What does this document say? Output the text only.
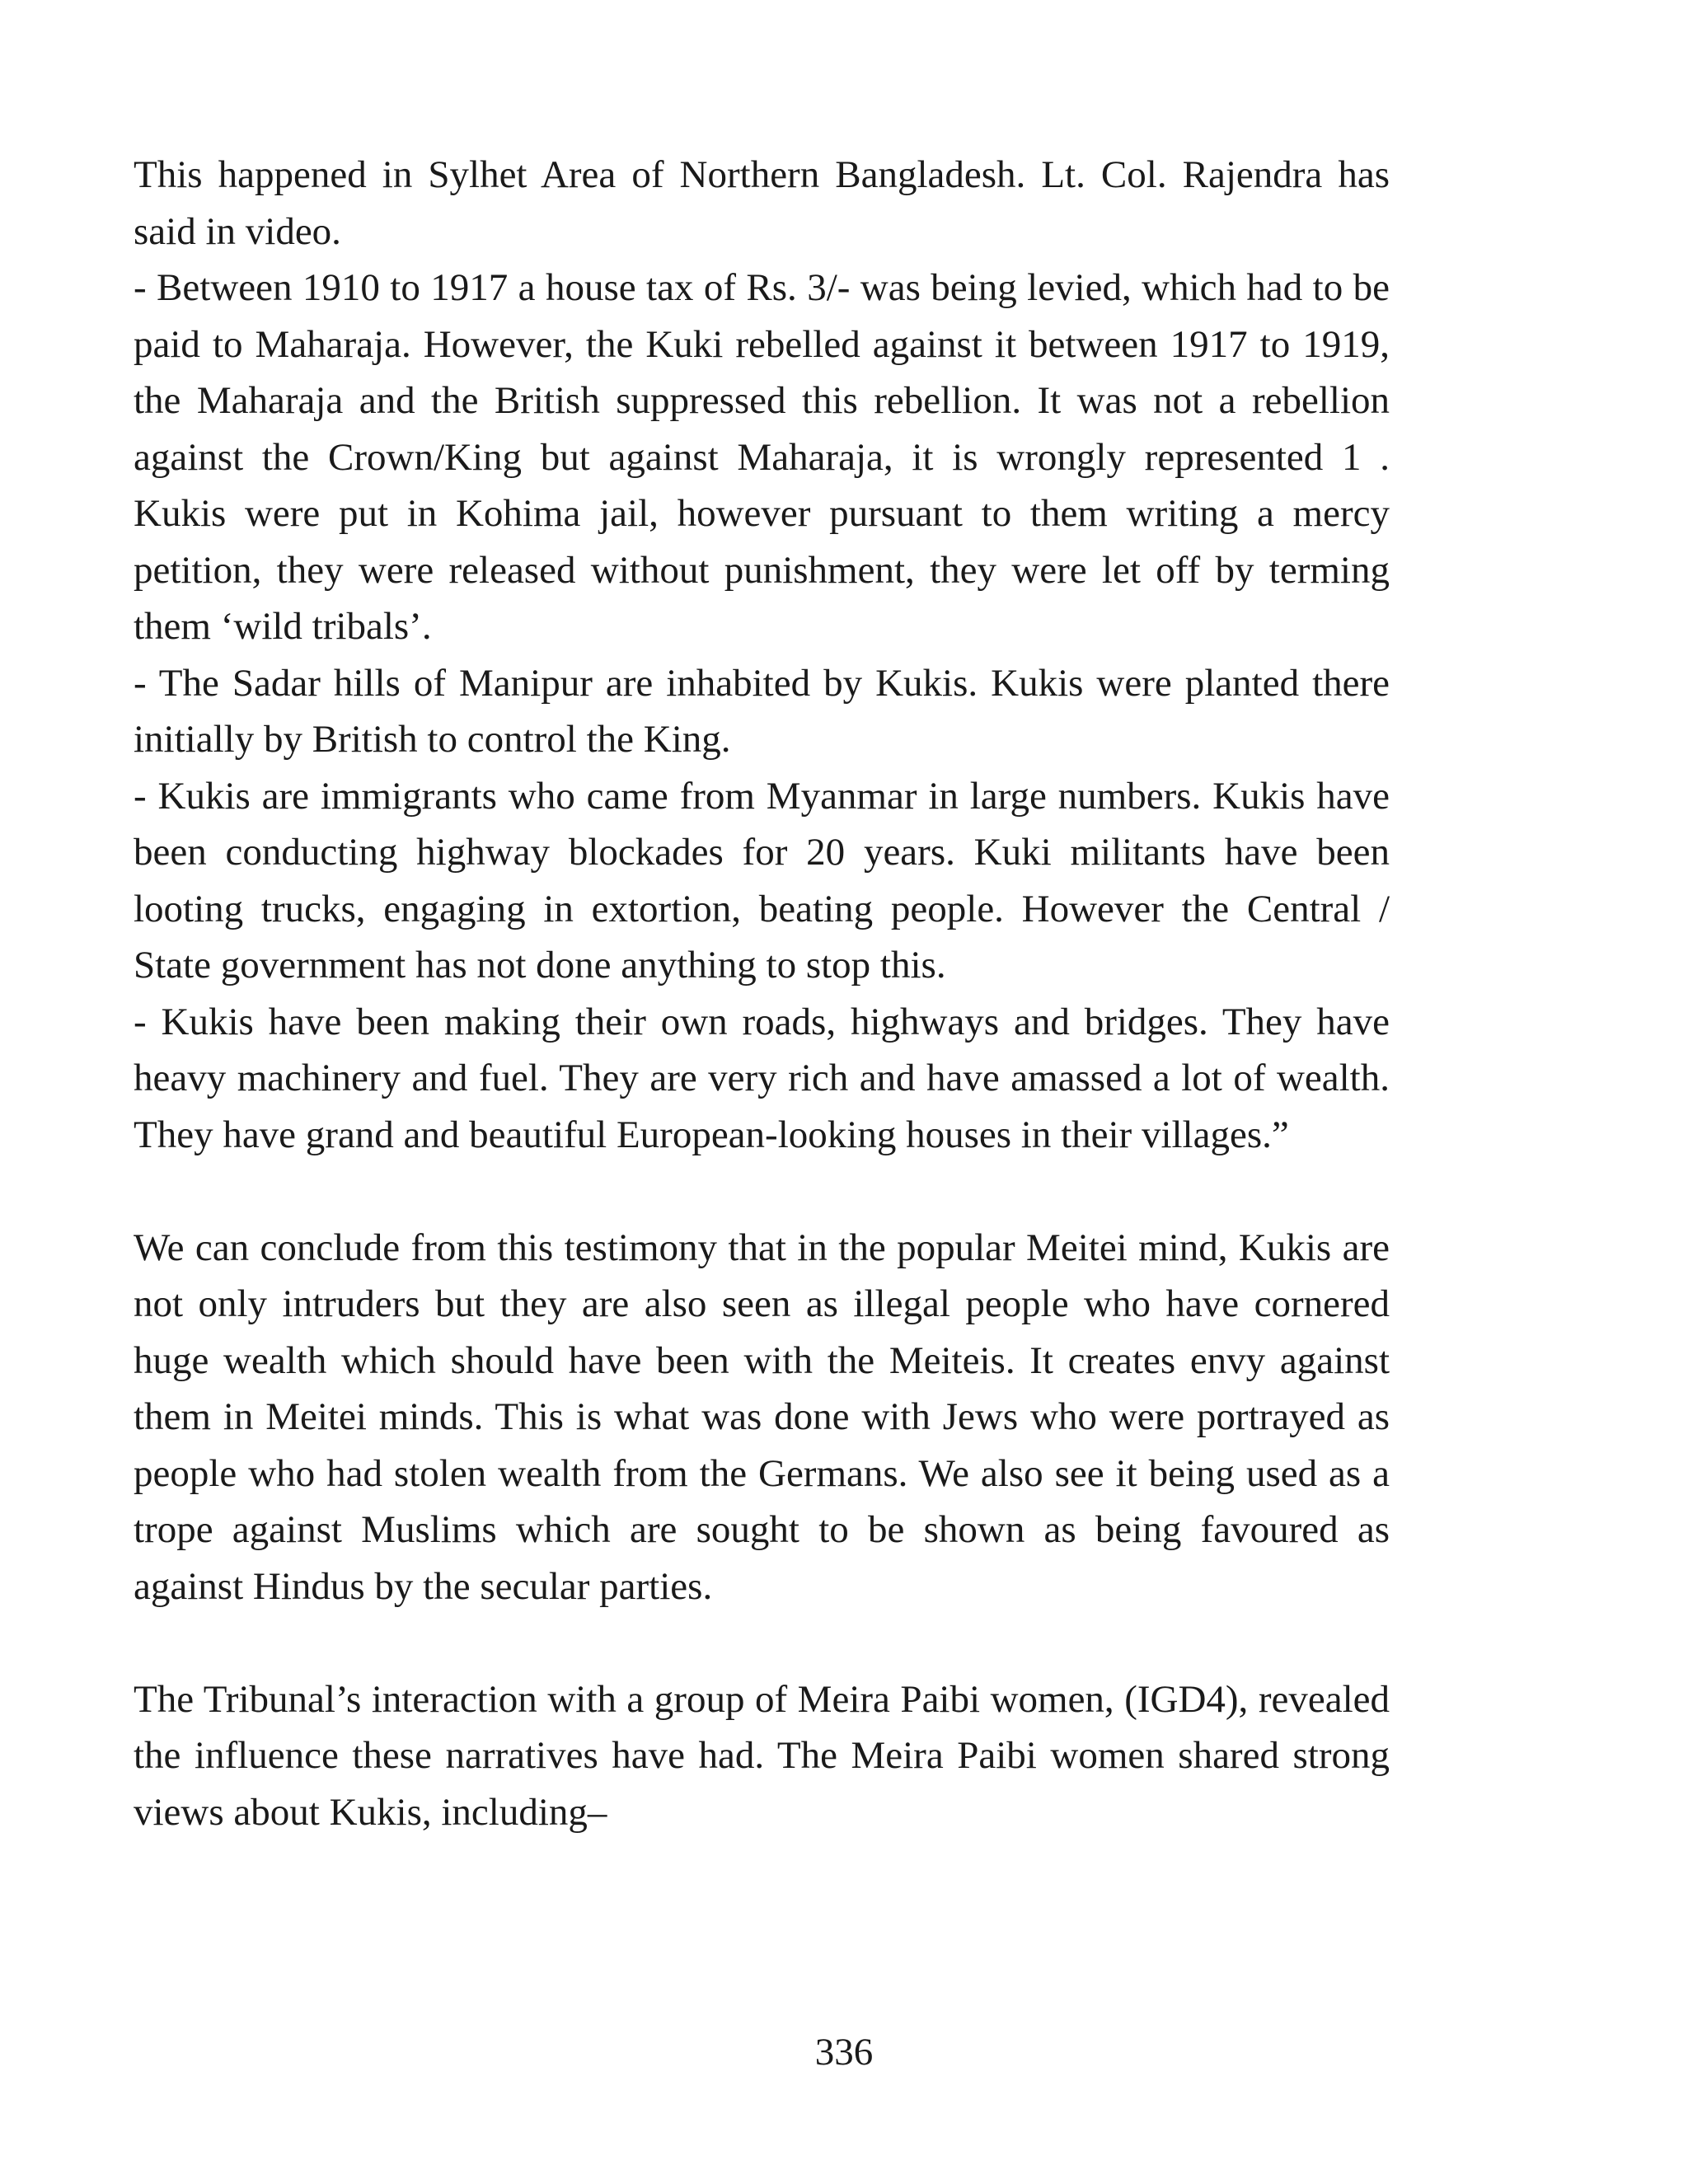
This happened in Sylhet Area of Northern Bangladesh. Lt. Col. Rajendra has said in video.
- Between 1910 to 1917 a house tax of Rs. 3/- was being levied, which had to be paid to Maharaja. However, the Kuki rebelled against it between 1917 to 1919, the Maharaja and the British suppressed this rebellion. It was not a rebellion against the Crown/King but against Maharaja, it is wrongly represented 1 . Kukis were put in Kohima jail, however pursuant to them writing a mercy petition, they were released without punishment, they were let off by terming them ‘wild tribals’.
- The Sadar hills of Manipur are inhabited by Kukis. Kukis were planted there initially by British to control the King.
- Kukis are immigrants who came from Myanmar in large numbers. Kukis have been conducting highway blockades for 20 years. Kuki militants have been looting trucks, engaging in extortion, beating people. However the Central / State government has not done anything to stop this.
- Kukis have been making their own roads, highways and bridges. They have heavy machinery and fuel. They are very rich and have amassed a lot of wealth. They have grand and beautiful European-looking houses in their villages.”

We can conclude from this testimony that in the popular Meitei mind, Kukis are not only intruders but they are also seen as illegal people who have cornered huge wealth which should have been with the Meiteis. It creates envy against them in Meitei minds. This is what was done with Jews who were portrayed as people who had stolen wealth from the Germans. We also see it being used as a trope against Muslims which are sought to be shown as being favoured as against Hindus by the secular parties.

The Tribunal’s interaction with a group of Meira Paibi women, (IGD4), revealed the influence these narratives have had. The Meira Paibi women shared strong views about Kukis, including–

336
